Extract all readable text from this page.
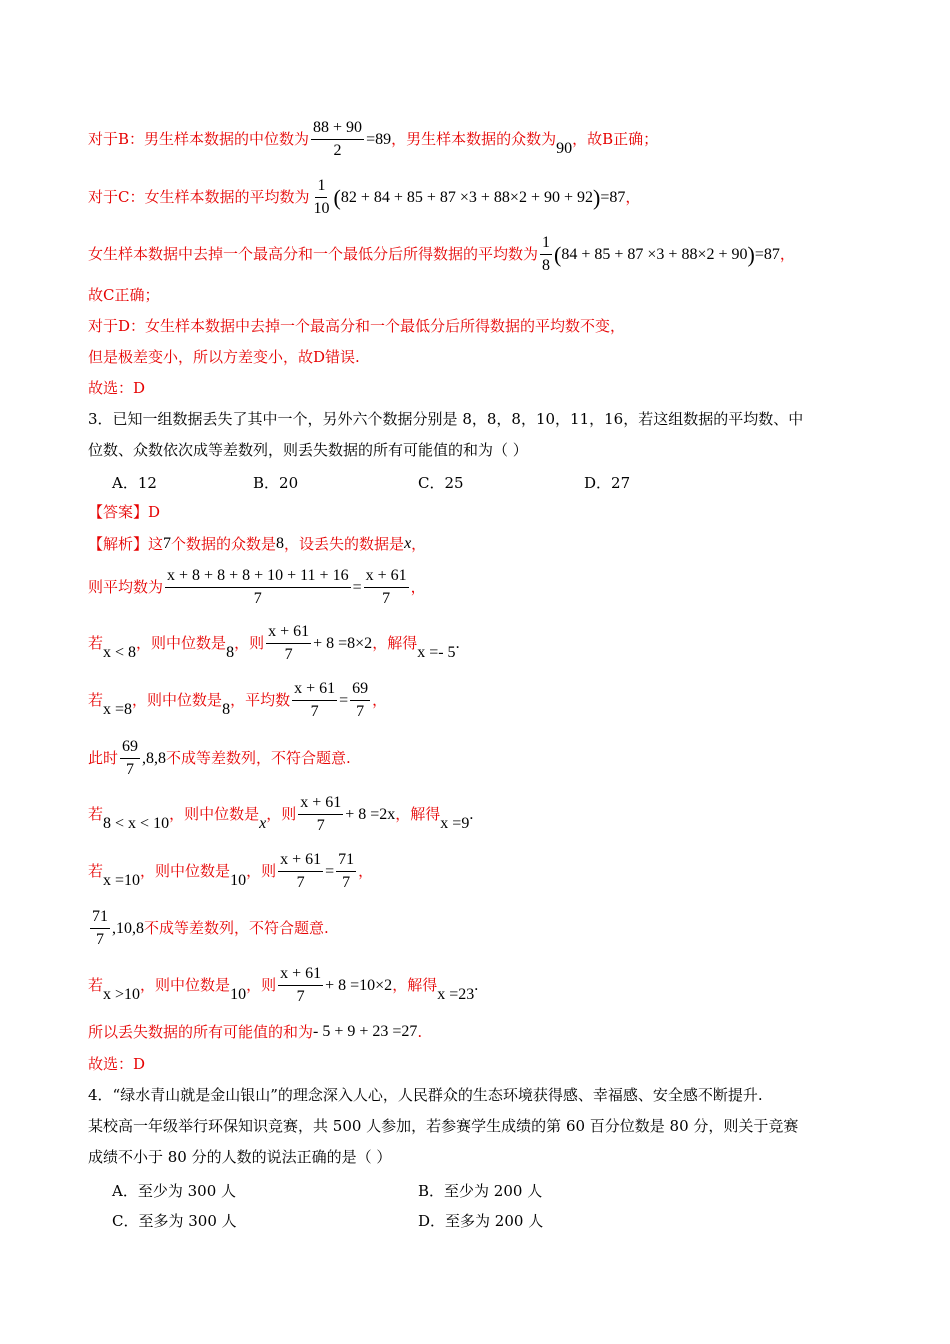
对于B：男生样本数据的中位数为 $\frac{88 + 90}{2} =89$ ，男生样本数据的众数为 90 ，故B正确；
对于C：女生样本数据的平均数为 $\frac{1}{10}$ ( 82 + 84 + 85 + 87 ×3 + 88×2 + 90 + 92 ) =87 ，
女生样本数据中去掉一个最高分和一个最低分后所得数据的平均数为 $\frac{1}{8}$ ( 84 + 85 + 87 ×3 + 88×2 + 90 ) =87 ，
故C正确；
对于D：女生样本数据中去掉一个最高分和一个最低分后所得数据的平均数不变，
但是极差变小，所以方差变小，故D错误.
故选：D
3．已知一组数据丢失了其中一个，另外六个数据分别是 8，8，8，10，11，16，若这组数据的平均数、中
位数、众数依次成等差数列，则丢失数据的所有可能值的和为（ ）
A．12	B．20	C．25	D．27
【答案】D
【解析】 这 7 个数据的众数是 8 ，设丢失的数据是 x ，
则平均数为 $\frac{x + 8 + 8 + 8 + 10 + 11 + 16}{7} = \frac{x + 61}{7}$ ，
若 x < 8 ，则中位数是 8 ，则 $\frac{x + 61}{7} + 8 =8\times 2$ ，解得 x =- 5
.
若 x =8 ，则中位数是 8 ，平均数 $\frac{x + 61}{7} = \frac{69}{7}$ ，
此时 $\frac{69}{7} ,8,8$ 不成等差数列，不符合题意.
若 8 < x < 10 ，则中位数是 x ，则 $\frac{x + 61}{7} + 8 =2x$ ，解得 x =9
.
若 x =10 ，则中位数是 10 ，则 $\frac{x + 61}{7} = \frac{71}{7}$ ，
$\frac{71}{7} ,10,8$ 不成等差数列，不符合题意.
若 x >10 ，则中位数是 10 ，则 $\frac{x + 61}{7} + 8 =10\times 2$ ，解得 x =23
.
所以丢失数据的所有可能值的和为 - 5 + 9 + 23 =27 .
故选：D
4．“绿水青山就是金山银山”的理念深入人心，人民群众的生态环境获得感、幸福感、安全感不断提升.
某校高一年级举行环保知识竞赛，共 500 人参加，若参赛学生成绩的第 60 百分位数是 80 分，则关于竞赛
成绩不小于 80 分的人数的说法正确的是（ ）
A．至少为 300 人	B．至少为 200 人
C．至多为 300 人	D．至多为 200 人
